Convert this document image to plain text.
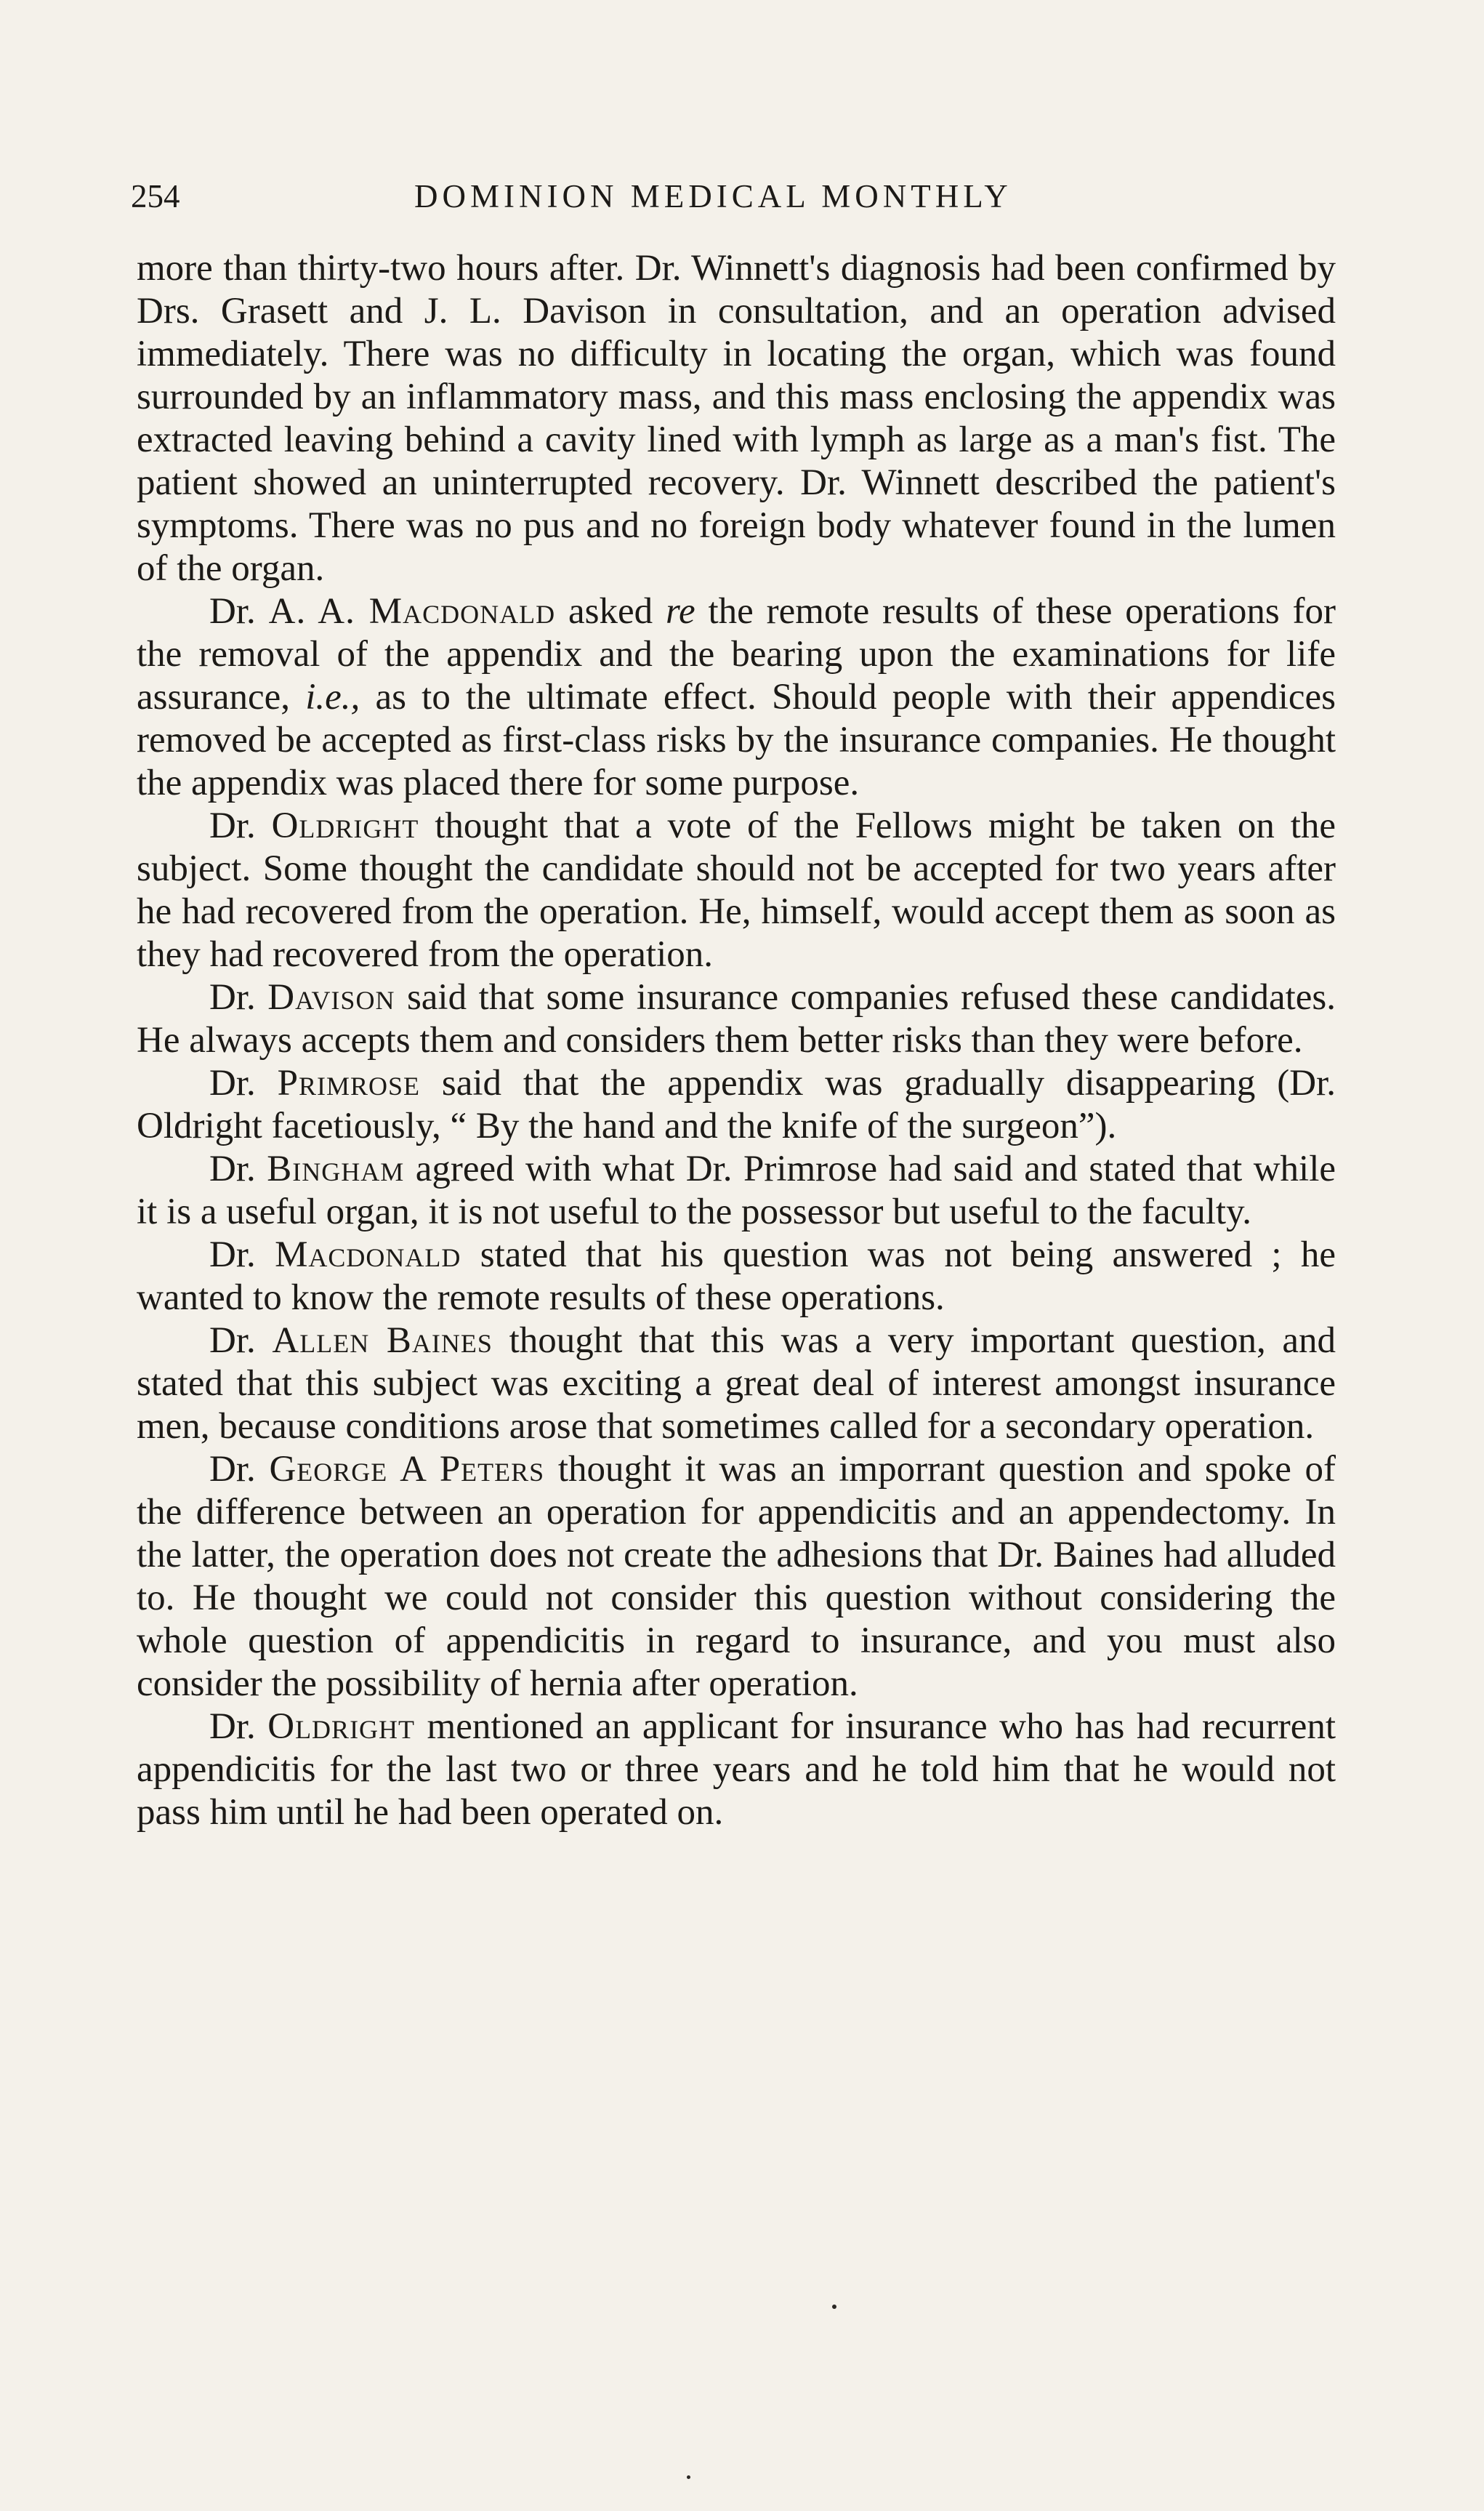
254	DOMINION MEDICAL MONTHLY

more than thirty-two hours after. Dr. Winnett's diagnosis had been confirmed by Drs. Grasett and J. L. Davison in consultation, and an operation advised immediately. There was no difficulty in locating the organ, which was found surrounded by an inflammatory mass, and this mass enclosing the appendix was extracted leaving behind a cavity lined with lymph as large as a man's fist. The patient showed an uninterrupted recovery. Dr. Winnett described the patient's symptoms. There was no pus and no foreign body whatever found in the lumen of the organ.

Dr. A. A. Macdonald asked re the remote results of these operations for the removal of the appendix and the bearing upon the examinations for life assurance, i.e., as to the ultimate effect. Should people with their appendices removed be accepted as first-class risks by the insurance companies. He thought the appendix was placed there for some purpose.

Dr. Oldright thought that a vote of the Fellows might be taken on the subject. Some thought the candidate should not be accepted for two years after he had recovered from the operation. He, himself, would accept them as soon as they had recovered from the operation.

Dr. Davison said that some insurance companies refused these candidates. He always accepts them and considers them better risks than they were before.

Dr. Primrose said that the appendix was gradually disappearing (Dr. Oldright facetiously, “ By the hand and the knife of the surgeon”).

Dr. Bingham agreed with what Dr. Primrose had said and stated that while it is a useful organ, it is not useful to the possessor but useful to the faculty.

Dr. Macdonald stated that his question was not being answered ; he wanted to know the remote results of these operations.

Dr. Allen Baines thought that this was a very important question, and stated that this subject was exciting a great deal of interest amongst insurance men, because conditions arose that sometimes called for a secondary operation.

Dr. George A Peters thought it was an imporrant question and spoke of the difference between an operation for appendicitis and an appendectomy. In the latter, the operation does not create the adhesions that Dr. Baines had alluded to. He thought we could not consider this question without considering the whole question of appendicitis in regard to insurance, and you must also consider the possibility of hernia after operation.

Dr. Oldright mentioned an applicant for insurance who has had recurrent appendicitis for the last two or three years and he told him that he would not pass him until he had been operated on.
